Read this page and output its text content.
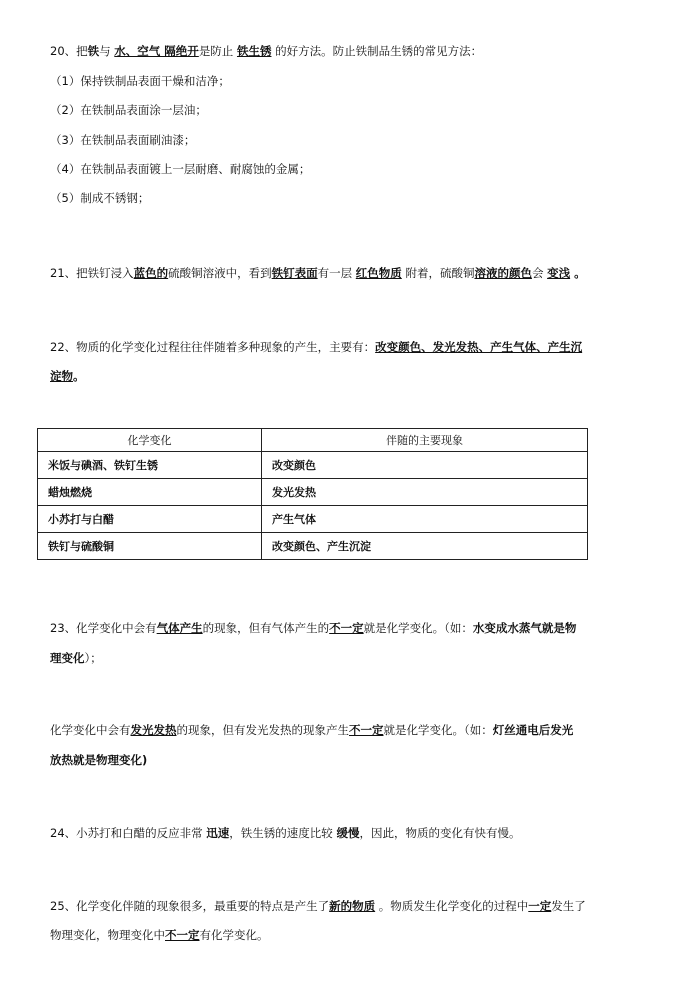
20、把铁与 水、空气 隔绝开是防止 铁生锈 的好方法。防止铁制品生锈的常见方法：
（1）保持铁制品表面干燥和洁净；
（2）在铁制品表面涂一层油；
（3）在铁制品表面刷油漆；
（4）在铁制品表面镀上一层耐磨、耐腐蚀的金属；
（5）制成不锈钢；
21、把铁钉浸入蓝色的硫酸铜溶液中，看到铁钉表面有一层 红色物质 附着，硫酸铜溶液的颜色会 变浅 。
22、物质的化学变化过程往往伴随着多种现象的产生，主要有：改变颜色、发光发热、产生气体、产生沉
淀物。
化学变化	伴随的主要现象
米饭与碘酒、铁钉生锈	改变颜色
蜡烛燃烧	发光发热
小苏打与白醋	产生气体
铁钉与硫酸铜	改变颜色、产生沉淀
23、化学变化中会有气体产生的现象，但有气体产生的不一定就是化学变化。（如：水变成水蒸气就是物
理变化）；
化学变化中会有发光发热的现象，但有发光发热的现象产生不一定就是化学变化。（如：灯丝通电后发光
放热就是物理变化)
24、小苏打和白醋的反应非常 迅速，铁生锈的速度比较 缓慢，因此，物质的变化有快有慢。
25、化学变化伴随的现象很多，最重要的特点是产生了新的物质 。物质发生化学变化的过程中一定发生了
物理变化，物理变化中不一定有化学变化。
